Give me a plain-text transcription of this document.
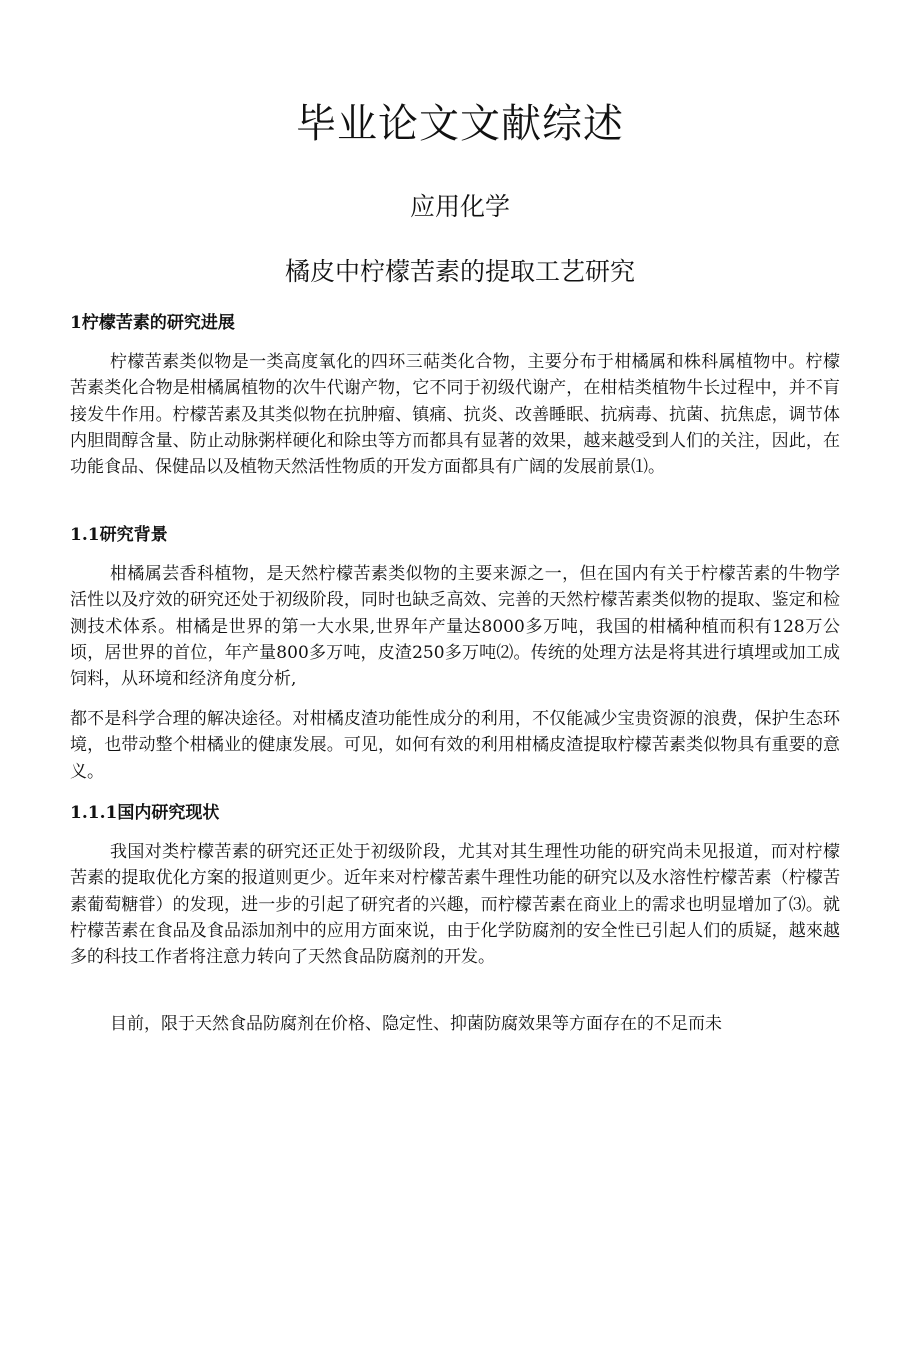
毕业论文文献综述
应用化学
橘皮中柠檬苦素的提取工艺研究
1柠檬苦素的研究进展

柠檬苦素类似物是一类高度氧化的四环三萜类化合物，主要分布于柑橘属和株科属植物中。柠檬苦素类化合物是柑橘属植物的次牛代谢产物，它不同于初级代谢产，在柑桔类植物牛长过程中，并不肓接发牛作用。柠檬苦素及其类似物在抗肿瘤、镇痛、抗炎、改善睡眠、抗病毒、抗菌、抗焦虑，调节体内胆間醇含量、防止动脉粥样硬化和除虫等方而都具有显著的效果，越来越受到人们的关注，因此，在功能食品、保健品以及植物天然活性物质的开发方面都具有广阔的发展前景⑴。

1.1研究背景

柑橘属芸香科植物，是天然柠檬苦素类似物的主要来源之一，但在国内有关于柠檬苦素的牛物学活性以及疗效的研究还处于初级阶段，同时也缺乏高效、完善的天然柠檬苦素类似物的提取、鉴定和检测技术体系。柑橘是世界的第一大水果,世界年产量达8000多万吨，我国的柑橘种植而积有128万公顷，居世界的首位，年产量800多万吨，皮渣250多万吨⑵。传统的处理方法是将其进行填埋或加工成饲料，从环境和经济角度分析,

都不是科学合理的解决途径。对柑橘皮渣功能性成分的利用，不仅能减少宝贵资源的浪费，保护生态环境，也带动整个柑橘业的健康发展。可见，如何有效的利用柑橘皮渣提取柠檬苦素类似物具有重要的意义。

1.1.1国内研究现状

我国对类柠檬苦素的研究还正处于初级阶段，尤其对其生理性功能的研究尚未见报道，而对柠檬苦素的提取优化方案的报道则更少。近年来对柠檬苦素牛理性功能的研究以及水溶性柠檬苦素（柠檬苦素葡萄糖甞）的发现，进一步的引起了研究者的兴趣，而柠檬苦素在商业上的需求也明显增加了⑶。就柠檬苦素在食品及食品添加剂中的应用方面來说，由于化学防腐剂的安全性已引起人们的质疑，越來越多的科技工作者将注意力转向了天然食品防腐剂的开发。

目前，限于天然食品防腐剂在价格、隐定性、抑菌防腐效果等方面存在的不足而未
